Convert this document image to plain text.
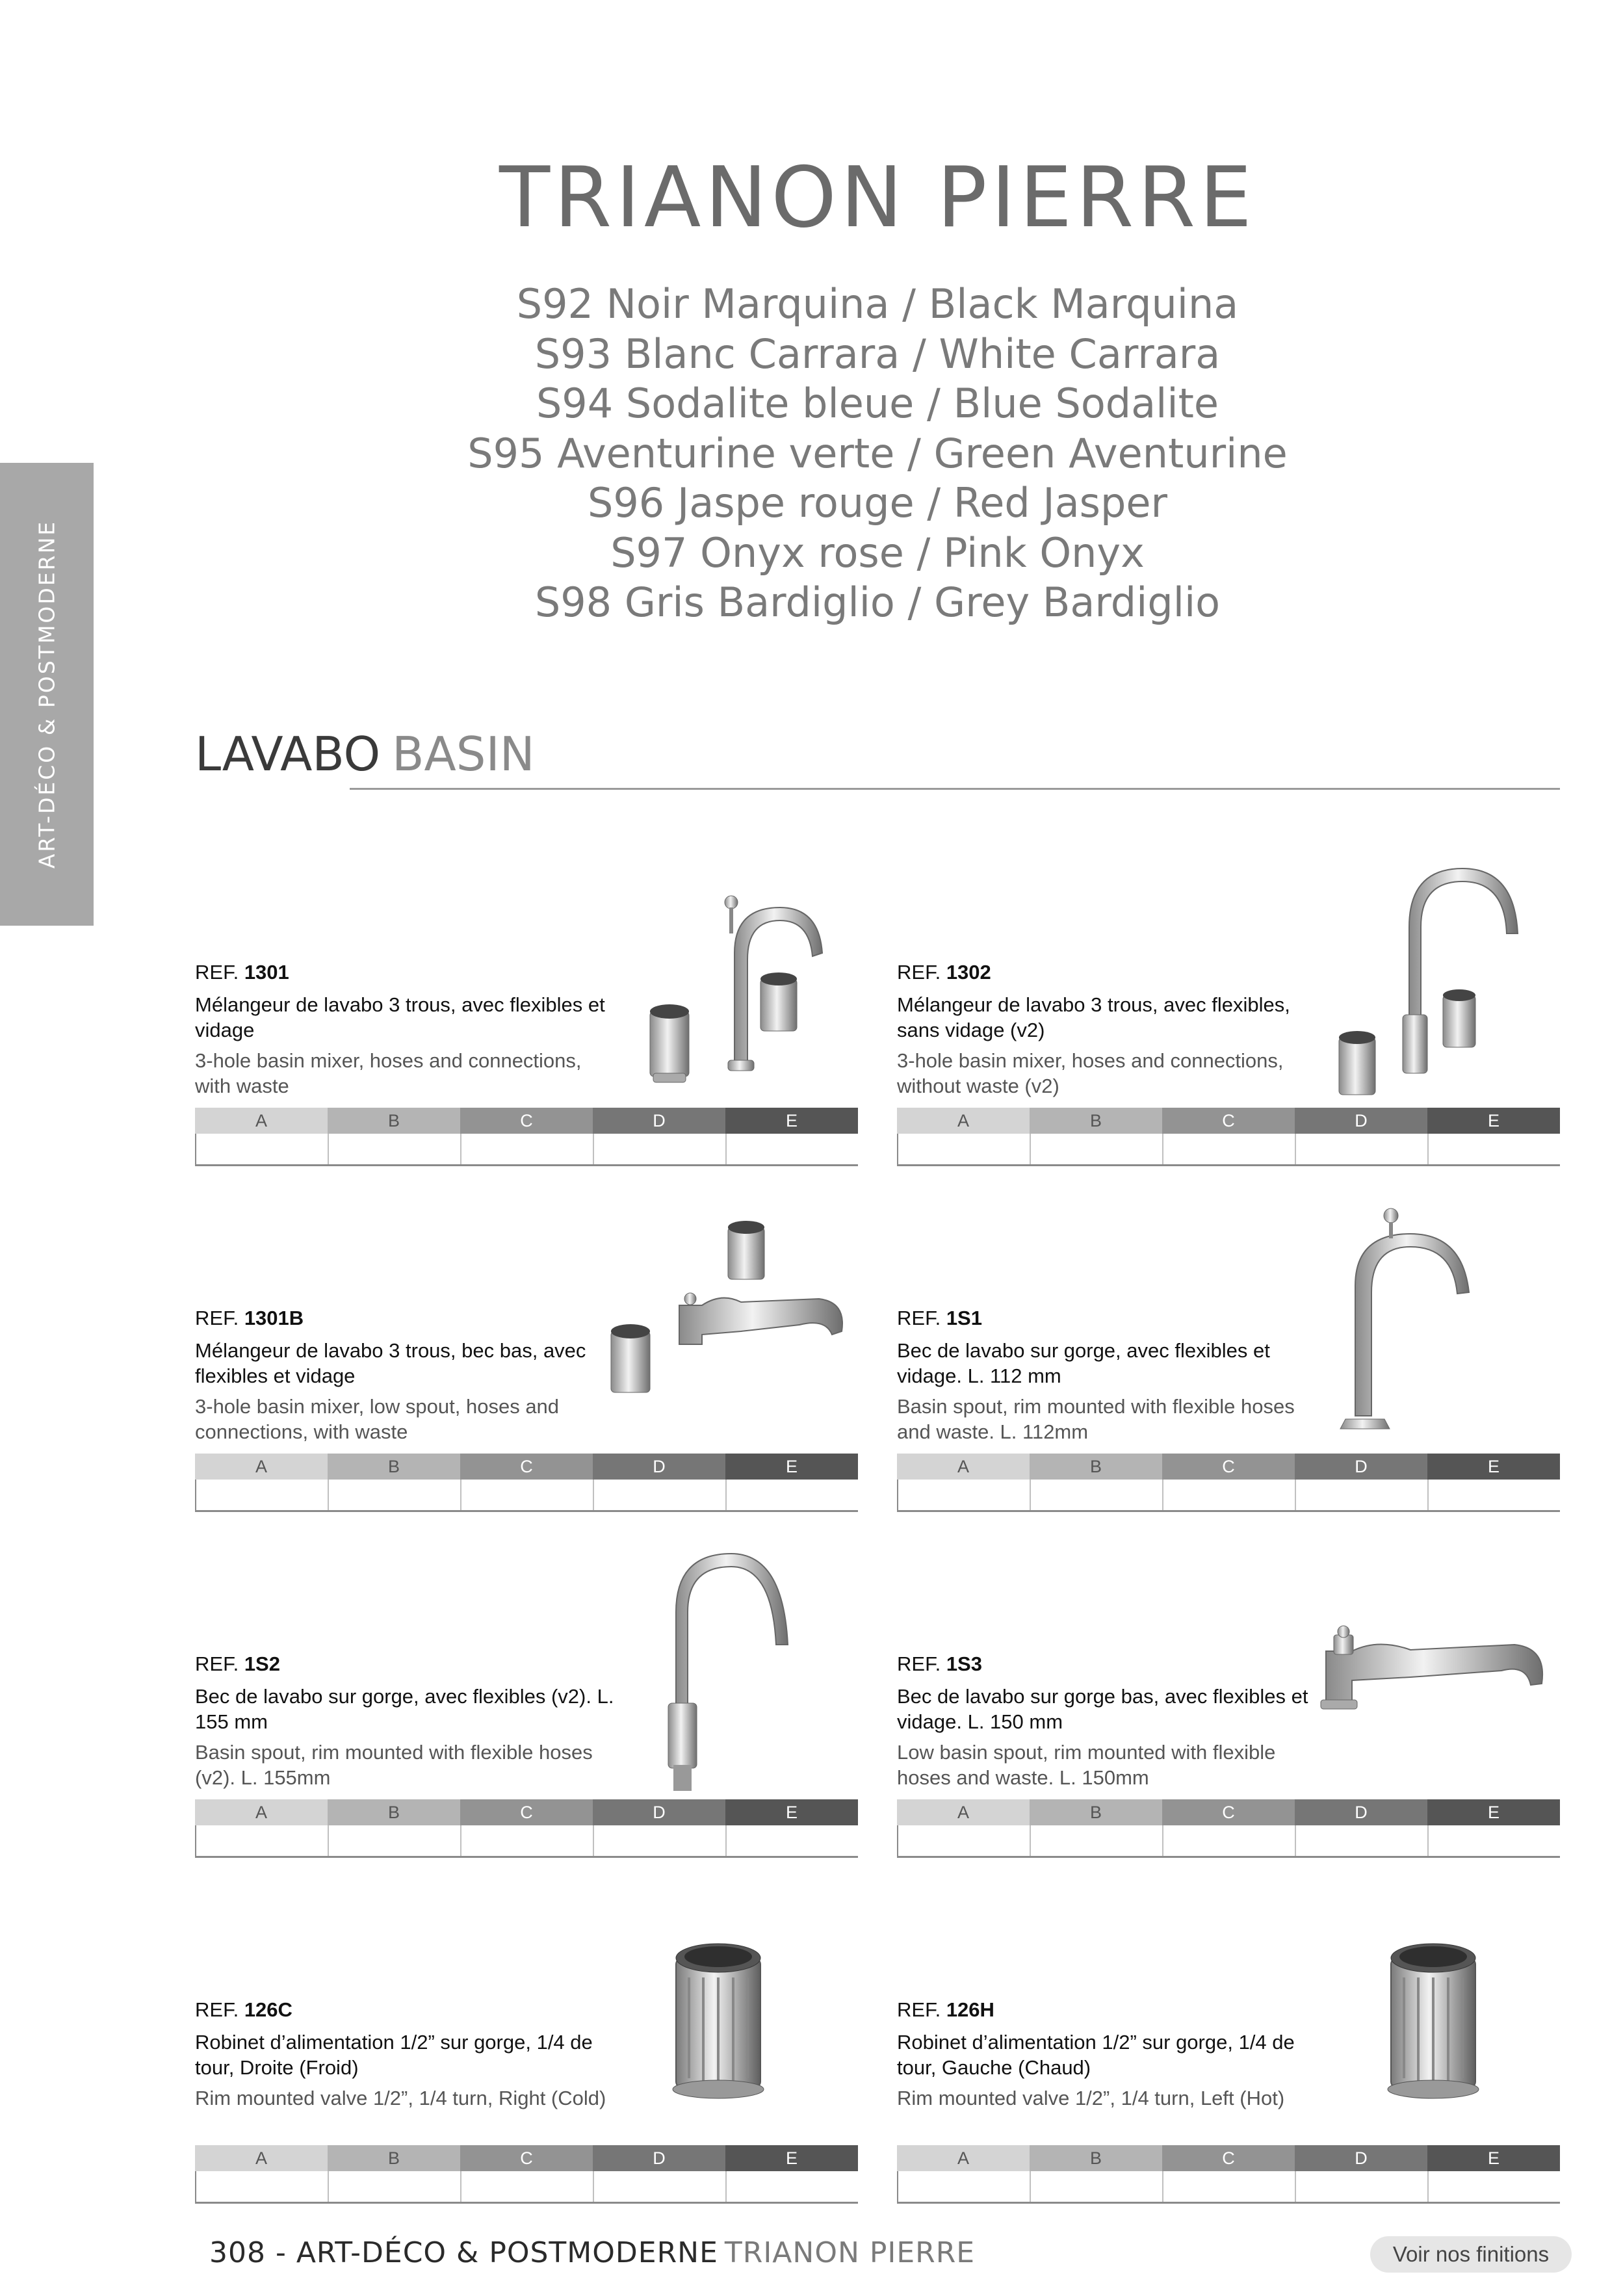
ART-DÉCO & POSTMODERNE
TRIANON PIERRE
S92 Noir Marquina / Black Marquina
S93 Blanc Carrara / White Carrara
S94 Sodalite bleue / Blue Sodalite
S95 Aventurine verte / Green Aventurine
S96 Jaspe rouge / Red Jasper
S97 Onyx rose / Pink Onyx
S98 Gris Bardiglio / Grey Bardiglio
LAVABO BASIN
REF. 1301
Mélangeur de lavabo 3 trous, avec flexibles et vidage
3-hole basin mixer, hoses and connections, with waste
A	B	C	D	E
REF. 1302
Mélangeur de lavabo 3 trous, avec flexibles, sans vidage (v2)
3-hole basin mixer, hoses and connections, without waste (v2)
A	B	C	D	E
REF. 1301B
Mélangeur de lavabo 3 trous, bec bas, avec flexibles et vidage
3-hole basin mixer, low spout, hoses and connections, with waste
A	B	C	D	E
REF. 1S1
Bec de lavabo sur gorge, avec flexibles et vidage. L. 112 mm
Basin spout, rim mounted with flexible hoses and waste. L. 112mm
A	B	C	D	E
REF. 1S2
Bec de lavabo sur gorge, avec flexibles (v2). L. 155 mm
Basin spout, rim mounted with flexible hoses (v2). L. 155mm
A	B	C	D	E
REF. 1S3
Bec de lavabo sur gorge bas, avec flexibles et vidage. L. 150 mm
Low basin spout, rim mounted with flexible hoses and waste. L. 150mm
A	B	C	D	E
REF. 126C
Robinet d’alimentation 1/2” sur gorge, 1/4 de tour, Droite (Froid)
Rim mounted valve 1/2”, 1/4 turn, Right (Cold)
A	B	C	D	E
REF. 126H
Robinet d’alimentation 1/2” sur gorge, 1/4 de tour, Gauche (Chaud)
Rim mounted valve 1/2”, 1/4 turn, Left (Hot)
A	B	C	D	E
308 - ART-DÉCO & POSTMODERNE TRIANON PIERRE	Voir nos finitions
